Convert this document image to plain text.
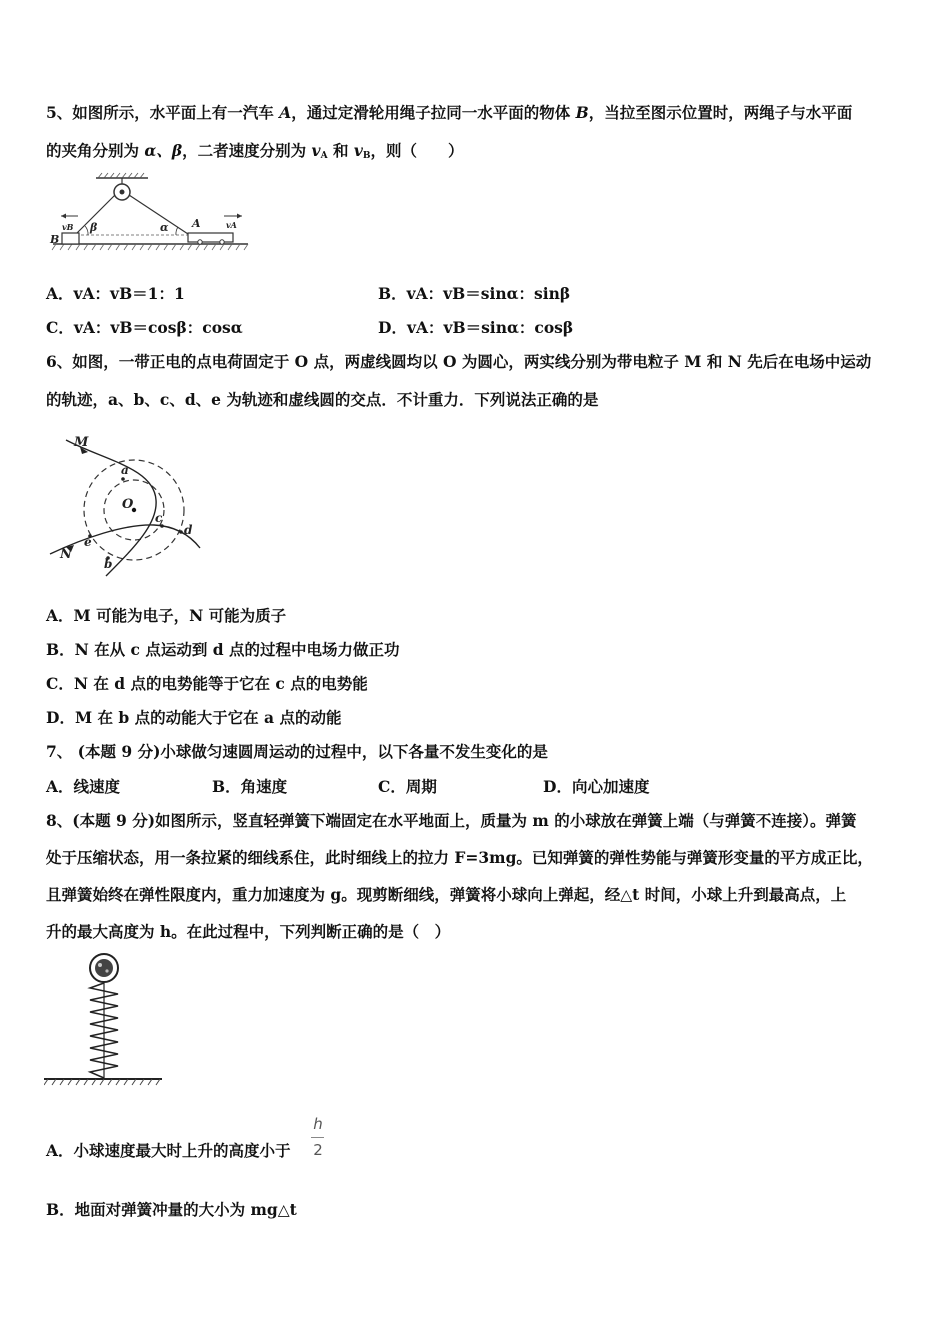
5、如图所示，水平面上有一汽车 A，通过定滑轮用绳子拉同一水平面的物体 B，当拉至图示位置时，两绳子与水平面
的夹角分别为 α、β，二者速度分别为 $v_A$ 和 $v_B$，则（　　）
B
A
β	α
vB	vA
A．vA：vB＝1：1	B．vA：vB＝sinα：sinβ
C．vA：vB＝cosβ：cosα	D．vA：vB＝sinα：cosβ
6、如图，一带正电的点电荷固定于 O 点，两虚线圆均以 O 为圆心，两实线分别为带电粒子 M 和 N 先后在电场中运动
的轨迹，a、b、c、d、e 为轨迹和虚线圆的交点．不计重力．下列说法正确的是
M
N
O
a
b
c
d
e
A．M 可能为电子，N 可能为质子
B．N 在从 c 点运动到 d 点的过程中电场力做正功
C．N 在 d 点的电势能等于它在 c 点的电势能
D．M 在 b 点的动能大于它在 a 点的动能
7、 (本题 9 分)小球做匀速圆周运动的过程中，以下各量不发生变化的是
A．线速度	B．角速度	C．周期	D．向心加速度
8、(本题 9 分)如图所示，竖直轻弹簧下端固定在水平地面上，质量为 m 的小球放在弹簧上端（与弹簧不连接）。弹簧
处于压缩状态，用一条拉紧的细线系住，此时细线上的拉力 F=3mg。已知弹簧的弹性势能与弹簧形变量的平方成正比，
且弹簧始终在弹性限度内，重力加速度为 g。现剪断细线，弹簧将小球向上弹起，经△t 时间，小球上升到最高点，上
升的最大高度为 h。在此过程中，下列判断正确的是（　）
A．小球速度最大时上升的高度小于
h
2
B．地面对弹簧冲量的大小为 mg△t
